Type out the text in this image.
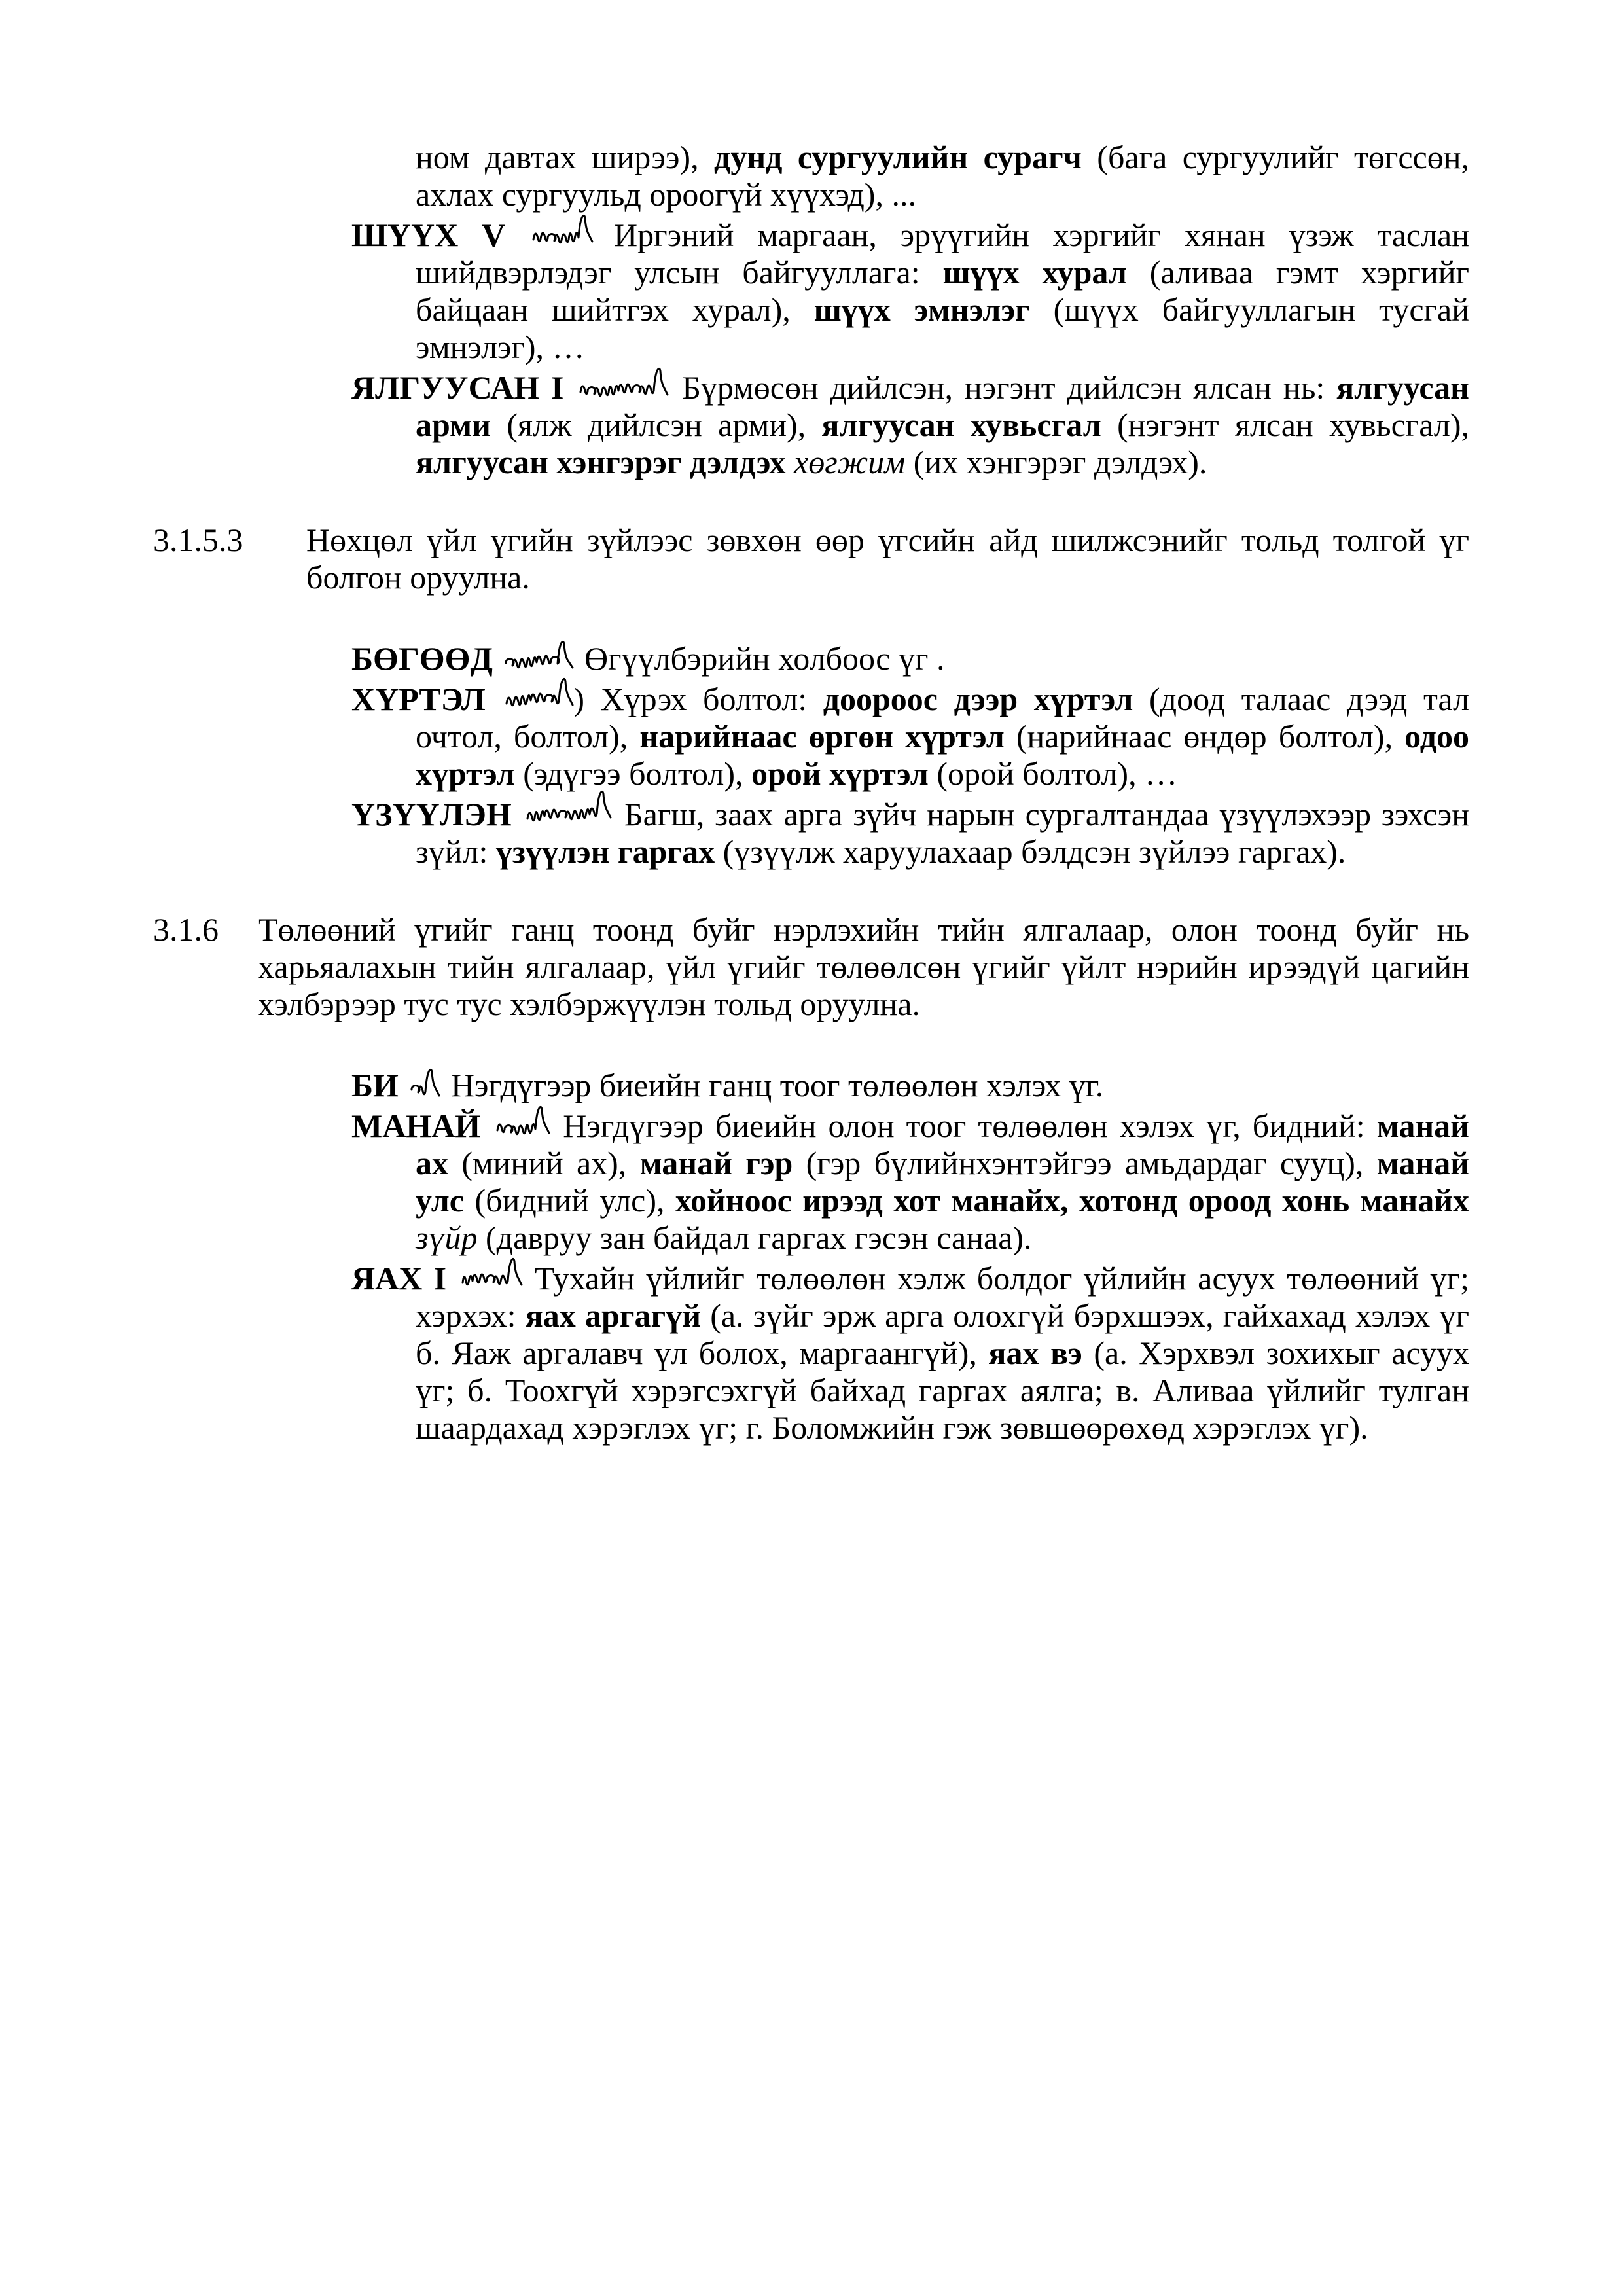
ном давтах ширээ), дунд сургуулийн сурагч (бага сургуулийг төгссөн, ахлах сургуульд ороогүй хүүхэд), ...
ШҮҮХ V
Иргэний маргаан, эрүүгийн хэргийг хянан үзэж таслан шийдвэрлэдэг улсын байгууллага: шүүх хурал (аливаа гэмт хэргийг байцаан шийтгэх хурал), шүүх эмнэлэг (шүүх байгууллагын тусгай эмнэлэг), …
ЯЛГУУСАН I	Бүрмөсөн дийлсэн, нэгэнт дийлсэн ялсан нь: ялгуусан арми (ялж дийлсэн арми), ялгуусан хувьсгал (нэгэнт ялсан хувьсгал), ялгуусан хэнгэрэг дэлдэх хөгжим (их хэнгэрэг дэлдэх).
3.1.5.3 Нөхцөл үйл үгийн зүйлээс зөвхөн өөр үгсийн айд шилжсэнийг тольд толгой үг болгон оруулна.
БӨГӨӨД
Өгүүлбэрийн холбоос үг .
ХҮРТЭЛ
) Хүрэх болтол: доороос дээр хүртэл (доод талаас дээд тал очтол, болтол), нарийнаас өргөн хүртэл (нарийнаас өндөр болтол), одоо хүртэл (эдүгээ болтол), орой хүртэл (орой болтол), …
ҮЗҮҮЛЭН	Багш, заах арга зүйч нарын сургалтандаа үзүүлэхээр зэхсэн зүйл: үзүүлэн гаргах (үзүүлж харуулахаар бэлдсэн зүйлээ гаргах).
3.1.6 Төлөөний үгийг ганц тоонд буйг нэрлэхийн тийн ялгалаар, олон тоонд буйг нь харьяалахын тийн ялгалаар, үйл үгийг төлөөлсөн үгийг үйлт нэрийн ирээдүй цагийн хэлбэрээр тус тус хэлбэржүүлэн тольд оруулна.
БИ
Нэгдүгээр биеийн ганц тоог төлөөлөн хэлэх үг.
МАНАЙ
Нэгдүгээр биеийн олон тоог төлөөлөн хэлэх үг, бидний: манай ах (миний ах), манай гэр (гэр бүлийнхэнтэйгээ амьдардаг сууц), манай улс (бидний улс), хойноос ирээд хот манайх, хотонд ороод хонь манайх зүйр (давруу зан байдал гаргах гэсэн санаа).
ЯАХ I
Тухайн үйлийг төлөөлөн хэлж болдог үйлийн асуух төлөөний үг; хэрхэх: яах аргагүй (а. зүйг эрж арга олохгүй бэрхшээх, гайхахад хэлэх үг б. Яаж аргалавч үл болох, маргаангүй), яах вэ (а. Хэрхвэл зохихыг асуух үг; б. Тоохгүй хэрэгсэхгүй байхад гаргах аялга; в. Аливаа үйлийг тулган шаардахад хэрэглэх үг; г. Боломжийн гэж зөвшөөрөхөд хэрэглэх үг).
